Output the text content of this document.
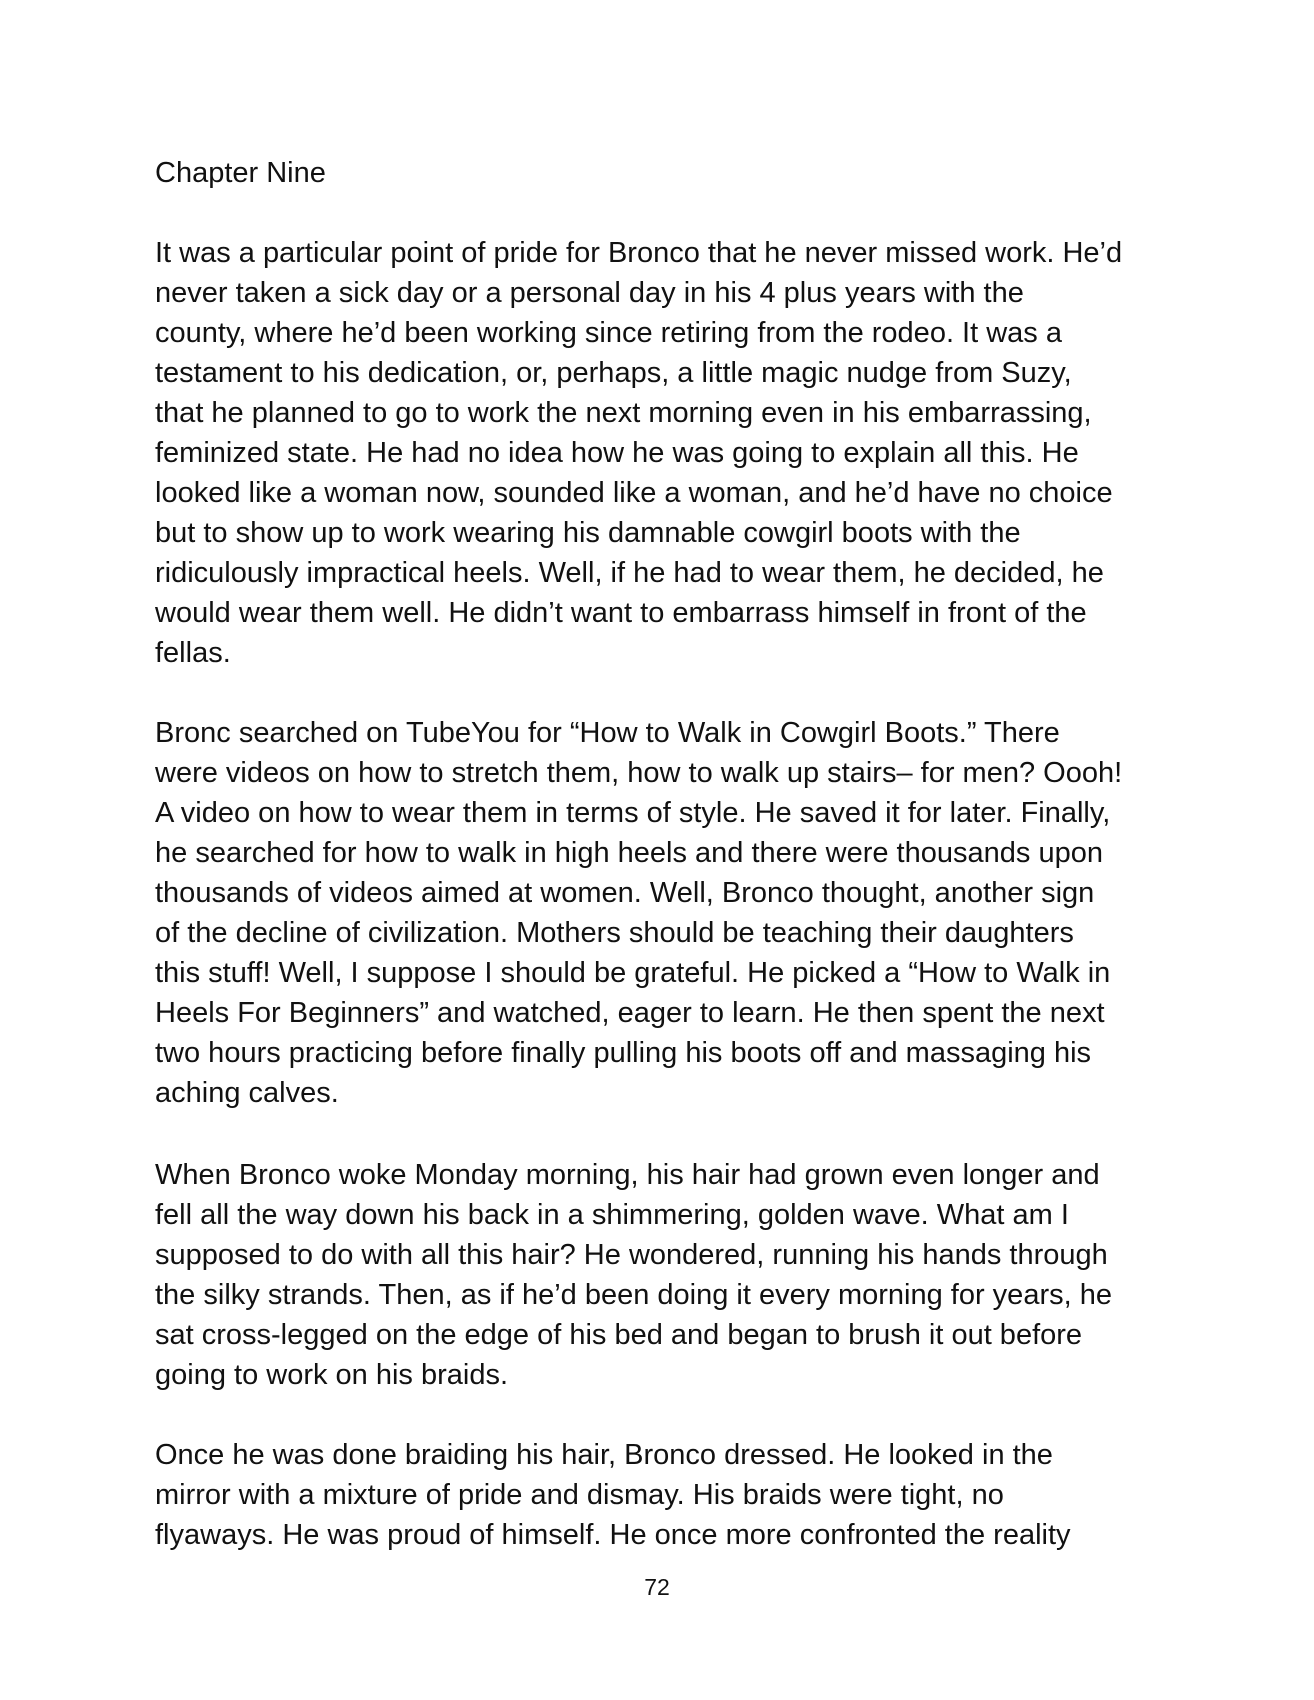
Chapter Nine

It was a particular point of pride for Bronco that he never missed work. He’d
never taken a sick day or a personal day in his 4 plus years with the
county, where he’d been working since retiring from the rodeo. It was a
testament to his dedication, or, perhaps, a little magic nudge from Suzy,
that he planned to go to work the next morning even in his embarrassing,
feminized state. He had no idea how he was going to explain all this. He
looked like a woman now, sounded like a woman, and he’d have no choice
but to show up to work wearing his damnable cowgirl boots with the
ridiculously impractical heels. Well, if he had to wear them, he decided, he
would wear them well. He didn’t want to embarrass himself in front of the
fellas.

Bronc searched on TubeYou for “How to Walk in Cowgirl Boots.” There
were videos on how to stretch them, how to walk up stairs– for men? Oooh!
A video on how to wear them in terms of style. He saved it for later. Finally,
he searched for how to walk in high heels and there were thousands upon
thousands of videos aimed at women. Well, Bronco thought, another sign
of the decline of civilization. Mothers should be teaching their daughters
this stuff! Well, I suppose I should be grateful. He picked a “How to Walk in
Heels For Beginners” and watched, eager to learn. He then spent the next
two hours practicing before finally pulling his boots off and massaging his
aching calves.

When Bronco woke Monday morning, his hair had grown even longer and
fell all the way down his back in a shimmering, golden wave. What am I
supposed to do with all this hair? He wondered, running his hands through
the silky strands. Then, as if he’d been doing it every morning for years, he
sat cross-legged on the edge of his bed and began to brush it out before
going to work on his braids.

Once he was done braiding his hair, Bronco dressed. He looked in the
mirror with a mixture of pride and dismay. His braids were tight, no
flyaways. He was proud of himself. He once more confronted the reality

72
